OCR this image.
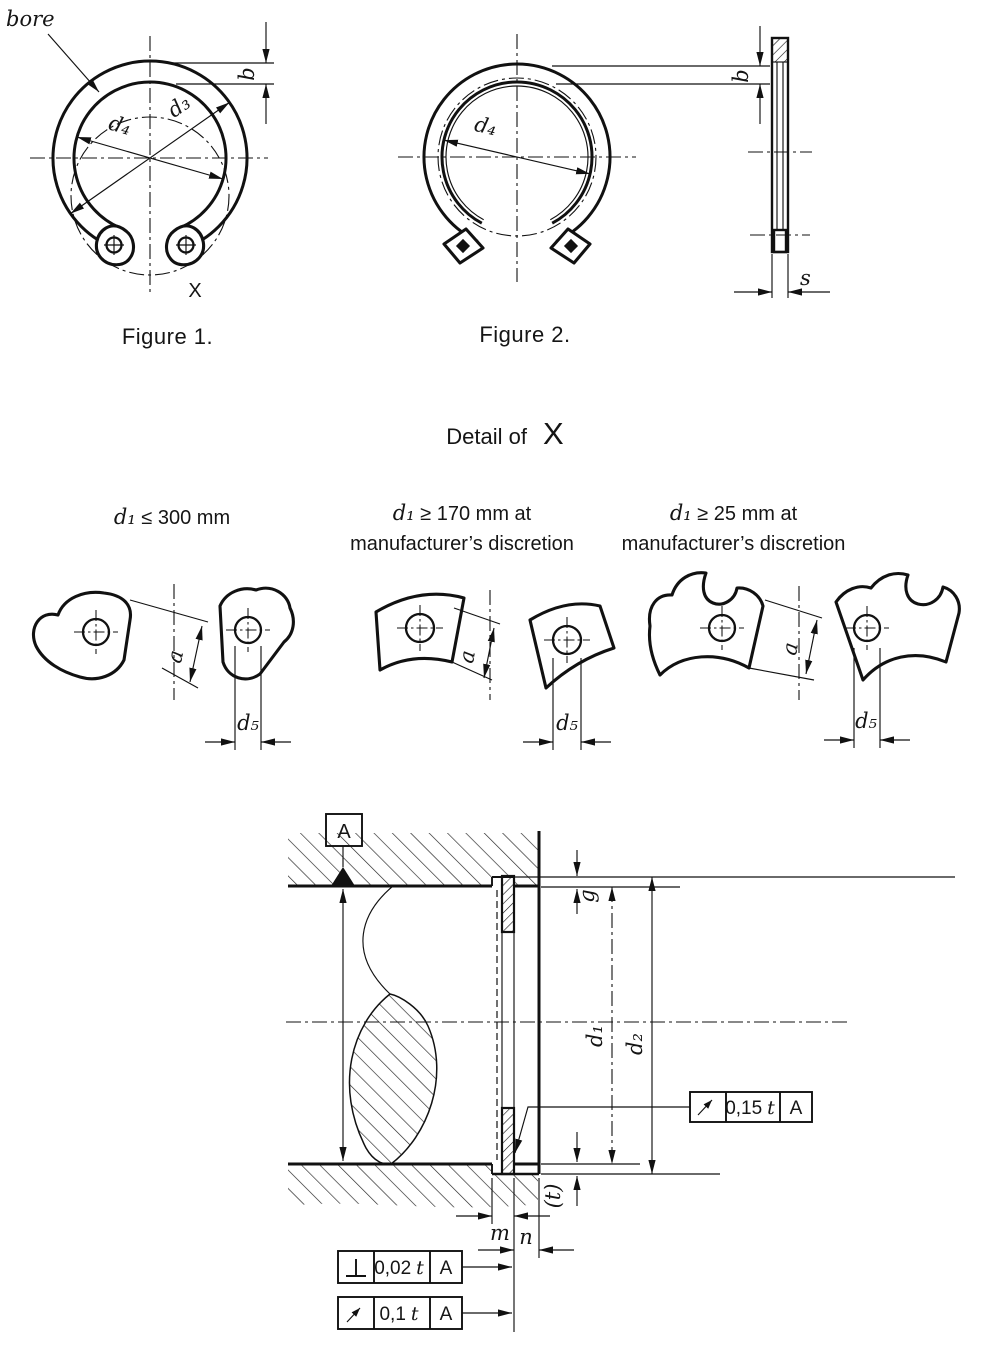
bore
d₄
d₃
b
X
d₄
b
s
a
d₅
a
d₅
a
d₅
A
g
d₁ d₂
(t)
m n
0,15 t A
0,02 t A
0,1 t A
Figure 1.	Figure 2.
Detail of X
d₁ ≤ 300 mm	d₁ ≥ 170 mm at
manufacturer’s discretion
d₁ ≥ 25 mm at
manufacturer’s discretion
